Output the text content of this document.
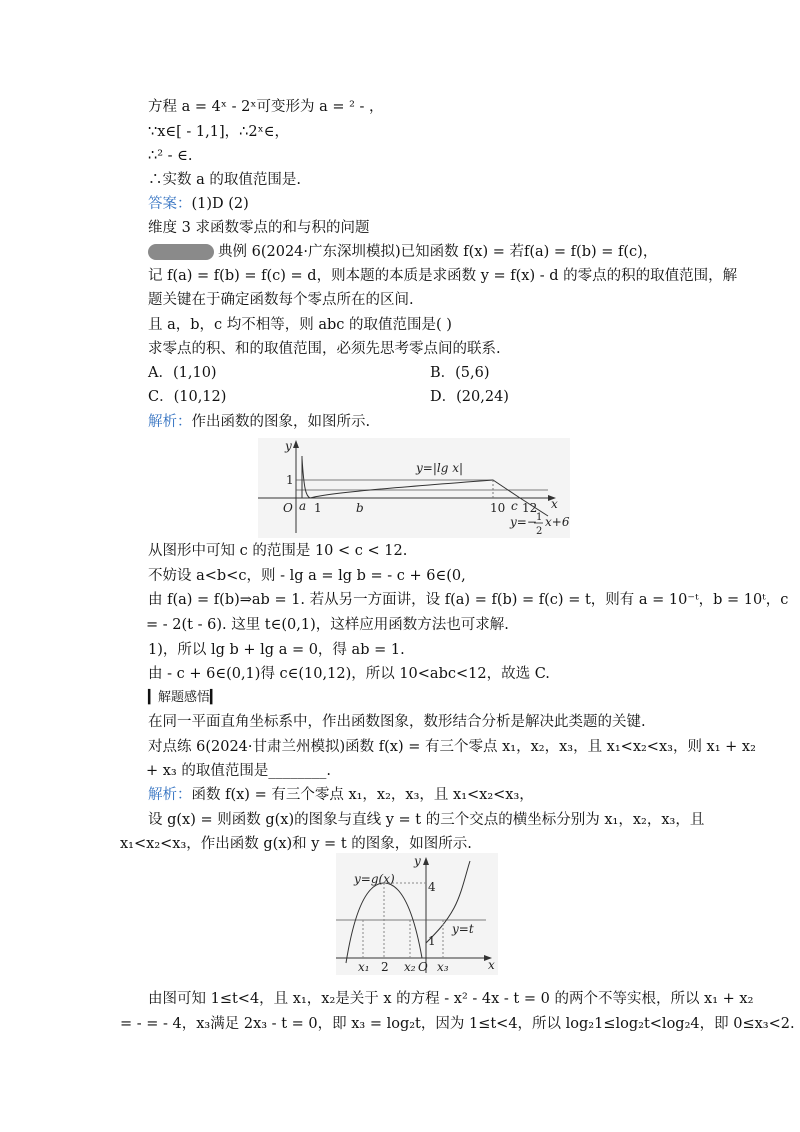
方程 a = 4ˣ - 2ˣ可变形为 a = ² - ，
∵x∈[ - 1,1]，∴2ˣ∈，
∴² - ∈.
∴实数 a 的取值范围是.
答案：(1)D (2)
维度 3 求函数零点的和与积的问题
典例 6(2024·广东深圳模拟)已知函数 f(x) = 若f(a) = f(b) = f(c)，
记 f(a) = f(b) = f(c) = d，则本题的本质是求函数 y = f(x) - d 的零点的积的取值范围，解
题关键在于确定函数每个零点所在的区间.
且 a，b，c 均不相等，则 abc 的取值范围是( )
求零点的积、和的取值范围，必须先思考零点间的联系.
A．(1,10)	B．(5,6)
C．(10,12)	D．(20,24)
解析：作出函数的图象，如图所示.
从图形中可知 c 的范围是 10 < c < 12.
不妨设 a<b<c，则 - lg a = lg b = - c + 6∈(0,
由 f(a) = f(b)⇒ab = 1. 若从另一方面讲，设 f(a) = f(b) = f(c) = t，则有 a = 10⁻ᵗ，b = 10ᵗ，c
= - 2(t - 6). 这里 t∈(0,1)，这样应用函数方法也可求解.
1)，所以 lg b + lg a = 0，得 ab = 1.
由 - c + 6∈(0,1)得 c∈(10,12)，所以 10<abc<12，故选 C.
▎解题感悟▎
在同一平面直角坐标系中，作出函数图象，数形结合分析是解决此类题的关键.
对点练 6(2024·甘肃兰州模拟)函数 f(x) = 有三个零点 x₁，x₂，x₃，且 x₁<x₂<x₃，则 x₁ + x₂
+ x₃ 的取值范围是________.
解析：函数 f(x) = 有三个零点 x₁，x₂，x₃，且 x₁<x₂<x₃，
设 g(x) = 则函数 g(x)的图象与直线 y = t 的三个交点的横坐标分别为 x₁，x₂，x₃，且
x₁<x₂<x₃，作出函数 g(x)和 y = t 的图象，如图所示.
由图可知 1≤t<4，且 x₁，x₂是关于 x 的方程 - x² - 4x - t = 0 的两个不等实根，所以 x₁ + x₂
= - = - 4，x₃满足 2x₃ - t = 0，即 x₃ = log₂t，因为 1≤t<4，所以 log₂1≤log₂t<log₂4，即 0≤x₃<2.
y
x
O a 1	b	10 c 12
1
y=|lg x|
y=− 1
2
x+6
y
x
y=g(x)
4
y=t
1
x₁ 2 x₂ O x₃
